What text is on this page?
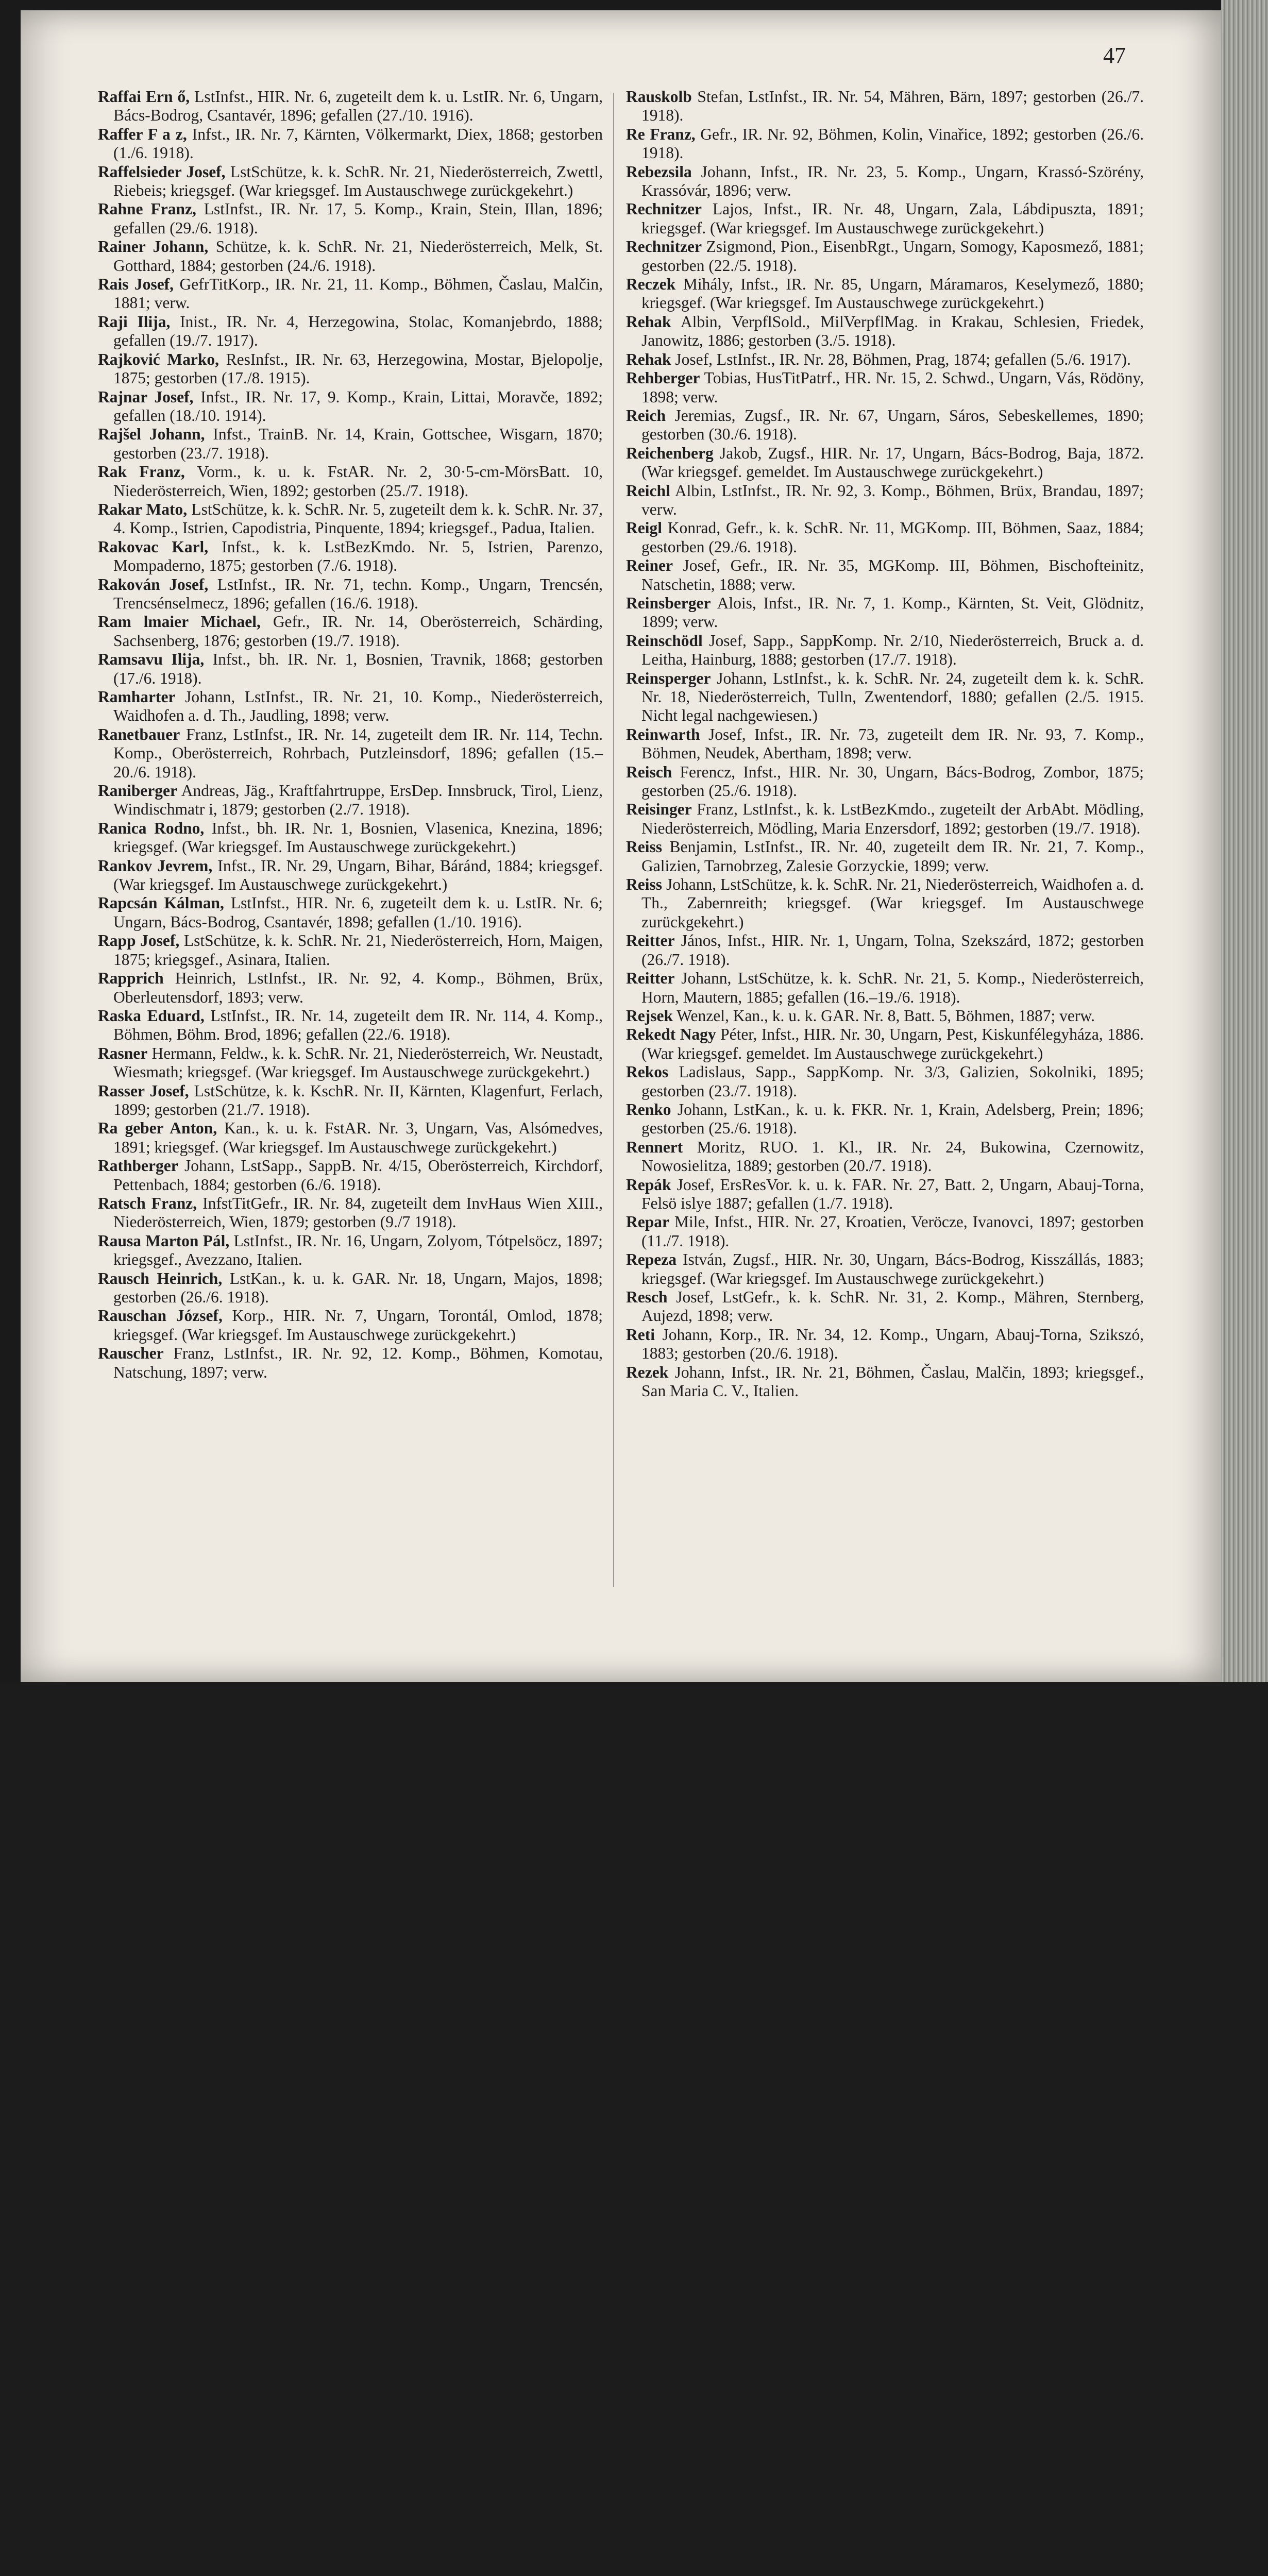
47
Raffai Ern ő, LstInfst., HIR. Nr. 6, zugeteilt dem k. u. LstIR. Nr. 6, Ungarn, Bács-Bodrog, Csantavér, 1896; gefallen (27./10. 1916).
Raffer F a z, Infst., IR. Nr. 7, Kärnten, Völkermarkt, Diex, 1868; gestorben (1./6. 1918).
Raffelsieder Josef, LstSchütze, k. k. SchR. Nr. 21, Niederösterreich, Zwettl, Riebeis; kriegsgef. (War kriegsgef. Im Austauschwege zurückgekehrt.)
Rahne Franz, LstInfst., IR. Nr. 17, 5. Komp., Krain, Stein, Illan, 1896; gefallen (29./6. 1918).
Rainer Johann, Schütze, k. k. SchR. Nr. 21, Niederösterreich, Melk, St. Gotthard, 1884; gestorben (24./6. 1918).
Rais Josef, GefrTitKorp., IR. Nr. 21, 11. Komp., Böhmen, Časlau, Malčin, 1881; verw.
Raji Ilija, Inist., IR. Nr. 4, Herzegowina, Stolac, Komanjebrdo, 1888; gefallen (19./7. 1917).
Rajković Marko, ResInfst., IR. Nr. 63, Herzegowina, Mostar, Bjelopolje, 1875; gestorben (17./8. 1915).
Rajnar Josef, Infst., IR. Nr. 17, 9. Komp., Krain, Littai, Moravče, 1892; gefallen (18./10. 1914).
Rajšel Johann, Infst., TrainB. Nr. 14, Krain, Gottschee, Wisgarn, 1870; gestorben (23./7. 1918).
Rak Franz, Vorm., k. u. k. FstAR. Nr. 2, 30·5-cm-MörsBatt. 10, Niederösterreich, Wien, 1892; gestorben (25./7. 1918).
Rakar Mato, LstSchütze, k. k. SchR. Nr. 5, zugeteilt dem k. k. SchR. Nr. 37, 4. Komp., Istrien, Capodistria, Pinquente, 1894; kriegsgef., Padua, Italien.
Rakovac Karl, Infst., k. k. LstBezKmdo. Nr. 5, Istrien, Parenzo, Mompaderno, 1875; gestorben (7./6. 1918).
Rakován Josef, LstInfst., IR. Nr. 71, techn. Komp., Ungarn, Trencsén, Trencsénselmecz, 1896; gefallen (16./6. 1918).
Ram lmaier Michael, Gefr., IR. Nr. 14, Oberösterreich, Schärding, Sachsenberg, 1876; gestorben (19./7. 1918).
Ramsavu Ilija, Infst., bh. IR. Nr. 1, Bosnien, Travnik, 1868; gestorben (17./6. 1918).
Ramharter Johann, LstInfst., IR. Nr. 21, 10. Komp., Niederösterreich, Waidhofen a. d. Th., Jaudling, 1898; verw.
Ranetbauer Franz, LstInfst., IR. Nr. 14, zugeteilt dem IR. Nr. 114, Techn. Komp., Oberösterreich, Rohrbach, Putzleinsdorf, 1896; gefallen (15.–20./6. 1918).
Raniberger Andreas, Jäg., Kraftfahrtruppe, ErsDep. Innsbruck, Tirol, Lienz, Windischmatr i, 1879; gestorben (2./7. 1918).
Ranica Rodno, Infst., bh. IR. Nr. 1, Bosnien, Vlasenica, Knezina, 1896; kriegsgef. (War kriegsgef. Im Austauschwege zurückgekehrt.)
Rankov Jevrem, Infst., IR. Nr. 29, Ungarn, Bihar, Báránd, 1884; kriegsgef. (War kriegsgef. Im Austauschwege zurückgekehrt.)
Rapcsán Kálman, LstInfst., HIR. Nr. 6, zugeteilt dem k. u. LstIR. Nr. 6; Ungarn, Bács-Bodrog, Csantavér, 1898; gefallen (1./10. 1916).
Rapp Josef, LstSchütze, k. k. SchR. Nr. 21, Niederösterreich, Horn, Maigen, 1875; kriegsgef., Asinara, Italien.
Rapprich Heinrich, LstInfst., IR. Nr. 92, 4. Komp., Böhmen, Brüx, Oberleutensdorf, 1893; verw.
Raska Eduard, LstInfst., IR. Nr. 14, zugeteilt dem IR. Nr. 114, 4. Komp., Böhmen, Böhm. Brod, 1896; gefallen (22./6. 1918).
Rasner Hermann, Feldw., k. k. SchR. Nr. 21, Niederösterreich, Wr. Neustadt, Wiesmath; kriegsgef. (War kriegsgef. Im Austauschwege zurückgekehrt.)
Rasser Josef, LstSchütze, k. k. KschR. Nr. II, Kärnten, Klagenfurt, Ferlach, 1899; gestorben (21./7. 1918).
Ra geber Anton, Kan., k. u. k. FstAR. Nr. 3, Ungarn, Vas, Alsómedves, 1891; kriegsgef. (War kriegsgef. Im Austauschwege zurückgekehrt.)
Rathberger Johann, LstSapp., SappB. Nr. 4/15, Oberösterreich, Kirchdorf, Pettenbach, 1884; gestorben (6./6. 1918).
Ratsch Franz, InfstTitGefr., IR. Nr. 84, zugeteilt dem InvHaus Wien XIII., Niederösterreich, Wien, 1879; gestorben (9./7 1918).
Rausa Marton Pál, LstInfst., IR. Nr. 16, Ungarn, Zolyom, Tótpelsöcz, 1897; kriegsgef., Avezzano, Italien.
Rausch Heinrich, LstKan., k. u. k. GAR. Nr. 18, Ungarn, Majos, 1898; gestorben (26./6. 1918).
Rauschan József, Korp., HIR. Nr. 7, Ungarn, Torontál, Omlod, 1878; kriegsgef. (War kriegsgef. Im Austauschwege zurückgekehrt.)
Rauscher Franz, LstInfst., IR. Nr. 92, 12. Komp., Böhmen, Komotau, Natschung, 1897; verw.
Rauskolb Stefan, LstInfst., IR. Nr. 54, Mähren, Bärn, 1897; gestorben (26./7. 1918).
Re Franz, Gefr., IR. Nr. 92, Böhmen, Kolin, Vinařice, 1892; gestorben (26./6. 1918).
Rebezsila Johann, Infst., IR. Nr. 23, 5. Komp., Ungarn, Krassó-Szörény, Krassóvár, 1896; verw.
Rechnitzer Lajos, Infst., IR. Nr. 48, Ungarn, Zala, Lábdipuszta, 1891; kriegsgef. (War kriegsgef. Im Austauschwege zurückgekehrt.)
Rechnitzer Zsigmond, Pion., EisenbRgt., Ungarn, Somogy, Kaposmező, 1881; gestorben (22./5. 1918).
Reczek Mihály, Infst., IR. Nr. 85, Ungarn, Máramaros, Keselymező, 1880; kriegsgef. (War kriegsgef. Im Austauschwege zurückgekehrt.)
Rehak Albin, VerpflSold., MilVerpflMag. in Krakau, Schlesien, Friedek, Janowitz, 1886; gestorben (3./5. 1918).
Rehak Josef, LstInfst., IR. Nr. 28, Böhmen, Prag, 1874; gefallen (5./6. 1917).
Rehberger Tobias, HusTitPatrf., HR. Nr. 15, 2. Schwd., Ungarn, Vás, Rödöny, 1898; verw.
Reich Jeremias, Zugsf., IR. Nr. 67, Ungarn, Sáros, Sebeskellemes, 1890; gestorben (30./6. 1918).
Reichenberg Jakob, Zugsf., HIR. Nr. 17, Ungarn, Bács-Bodrog, Baja, 1872. (War kriegsgef. gemeldet. Im Austauschwege zurückgekehrt.)
Reichl Albin, LstInfst., IR. Nr. 92, 3. Komp., Böhmen, Brüx, Brandau, 1897; verw.
Reigl Konrad, Gefr., k. k. SchR. Nr. 11, MGKomp. III, Böhmen, Saaz, 1884; gestorben (29./6. 1918).
Reiner Josef, Gefr., IR. Nr. 35, MGKomp. III, Böhmen, Bischofteinitz, Natschetin, 1888; verw.
Reinsberger Alois, Infst., IR. Nr. 7, 1. Komp., Kärnten, St. Veit, Glödnitz, 1899; verw.
Reinschödl Josef, Sapp., SappKomp. Nr. 2/10, Niederösterreich, Bruck a. d. Leitha, Hainburg, 1888; gestorben (17./7. 1918).
Reinsperger Johann, LstInfst., k. k. SchR. Nr. 24, zugeteilt dem k. k. SchR. Nr. 18, Niederösterreich, Tulln, Zwentendorf, 1880; gefallen (2./5. 1915. Nicht legal nachgewiesen.)
Reinwarth Josef, Infst., IR. Nr. 73, zugeteilt dem IR. Nr. 93, 7. Komp., Böhmen, Neudek, Abertham, 1898; verw.
Reisch Ferencz, Infst., HIR. Nr. 30, Ungarn, Bács-Bodrog, Zombor, 1875; gestorben (25./6. 1918).
Reisinger Franz, LstInfst., k. k. LstBezKmdo., zugeteilt der ArbAbt. Mödling, Niederösterreich, Mödling, Maria Enzersdorf, 1892; gestorben (19./7. 1918).
Reiss Benjamin, LstInfst., IR. Nr. 40, zugeteilt dem IR. Nr. 21, 7. Komp., Galizien, Tarnobrzeg, Zalesie Gorzyckie, 1899; verw.
Reiss Johann, LstSchütze, k. k. SchR. Nr. 21, Niederösterreich, Waidhofen a. d. Th., Zabernreith; kriegsgef. (War kriegsgef. Im Austauschwege zurückgekehrt.)
Reitter János, Infst., HIR. Nr. 1, Ungarn, Tolna, Szekszárd, 1872; gestorben (26./7. 1918).
Reitter Johann, LstSchütze, k. k. SchR. Nr. 21, 5. Komp., Niederösterreich, Horn, Mautern, 1885; gefallen (16.–19./6. 1918).
Rejsek Wenzel, Kan., k. u. k. GAR. Nr. 8, Batt. 5, Böhmen, 1887; verw.
Rekedt Nagy Péter, Infst., HIR. Nr. 30, Ungarn, Pest, Kiskunfélegyháza, 1886. (War kriegsgef. gemeldet. Im Austauschwege zurückgekehrt.)
Rekos Ladislaus, Sapp., SappKomp. Nr. 3/3, Galizien, Sokolniki, 1895; gestorben (23./7. 1918).
Renko Johann, LstKan., k. u. k. FKR. Nr. 1, Krain, Adelsberg, Prein; 1896; gestorben (25./6. 1918).
Rennert Moritz, RUO. 1. Kl., IR. Nr. 24, Bukowina, Czernowitz, Nowosielitza, 1889; gestorben (20./7. 1918).
Repák Josef, ErsResVor. k. u. k. FAR. Nr. 27, Batt. 2, Ungarn, Abauj-Torna, Felsö islye 1887; gefallen (1./7. 1918).
Repar Mile, Infst., HIR. Nr. 27, Kroatien, Veröcze, Ivanovci, 1897; gestorben (11./7. 1918).
Repeza István, Zugsf., HIR. Nr. 30, Ungarn, Bács-Bodrog, Kisszállás, 1883; kriegsgef. (War kriegsgef. Im Austauschwege zurückgekehrt.)
Resch Josef, LstGefr., k. k. SchR. Nr. 31, 2. Komp., Mähren, Sternberg, Aujezd, 1898; verw.
Reti Johann, Korp., IR. Nr. 34, 12. Komp., Ungarn, Abauj-Torna, Szikszó, 1883; gestorben (20./6. 1918).
Rezek Johann, Infst., IR. Nr. 21, Böhmen, Časlau, Malčin, 1893; kriegsgef., San Maria C. V., Italien.
